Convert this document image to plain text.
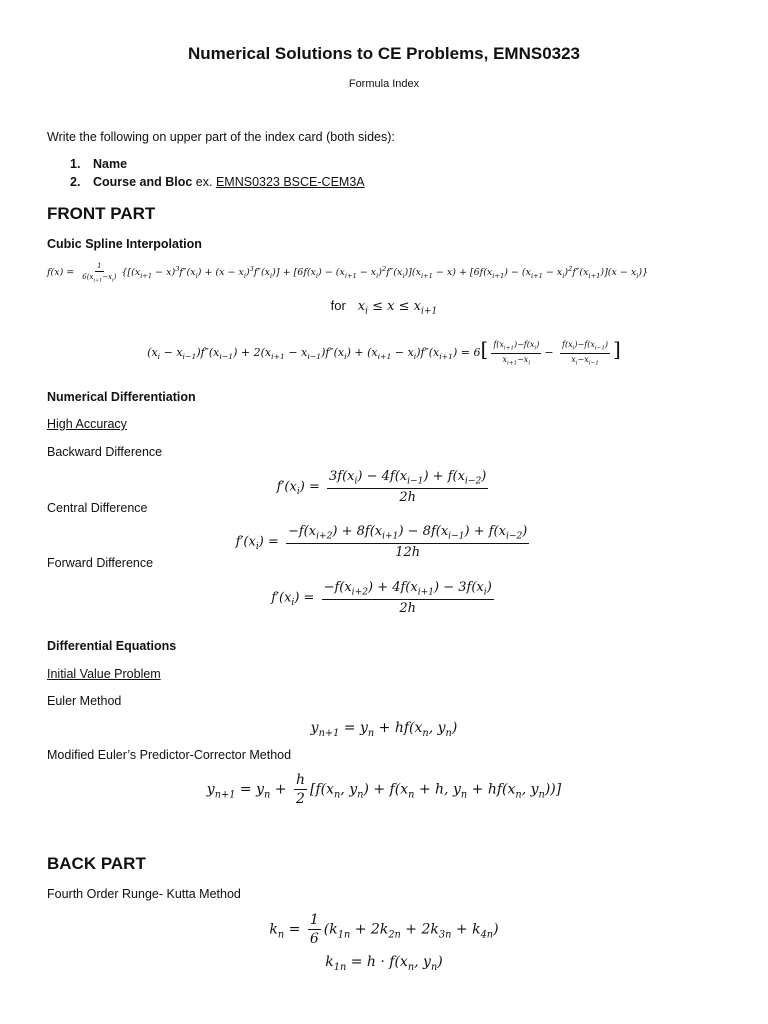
Numerical Solutions to CE Problems, EMNS0323
Formula Index
Write the following on upper part of the index card (both sides):
1. Name
2. Course and Bloc ex. EMNS0323 BSCE-CEM3A
FRONT PART
Cubic Spline Interpolation
$f(x) = \frac{1}{6(x_{i+1}-x_i)} \{[(x_{i+1} - x)^3f''(x_i) + (x - x_i)^3f''(x_i)] + [6f(x_i) - (x_{i+1} - x_i)^2f''(x_i)](x_{i+1} - x) + [6f(x_{i+1}) - (x_{i+1} - x_i)^2f''(x_{i+1})](x - x_i)\}$
for   $x_i \le x \le x_{i+1}$
$(x_i - x_{i-1})f''(x_{i-1}) + 2(x_{i+1} - x_{i-1})f''(x_i) + (x_{i+1} - x_i)f''(x_{i+1}) = 6[ \frac{f(x_{i+1})-f(x_i)}{x_{i+1}-x_i} - \frac{f(x_i)-f(x_{i-1})}{x_i-x_{i-1}}$ ]
Numerical Differentiation
High Accuracy
Backward Difference
$f'(x_i) = \frac{3f(x_i) - 4f(x_{i-1}) + f(x_{i-2})}{2h}$
Central Difference
$f'(x_i) = \frac{-f(x_{i+2}) + 8f(x_{i+1}) - 8f(x_{i-1}) + f(x_{i-2})}{12h}$
Forward Difference
$f'(x_i) = \frac{-f(x_{i+2}) + 4f(x_{i+1}) - 3f(x_i)}{2h}$
Differential Equations
Initial Value Problem
Euler Method
$y_{n+1} = y_n + hf(x_n$, $y_n$)
Modified Euler’s Predictor-Corrector Method
$y_{n+1} = y_n + \frac{h}{2} [f(x_n$, $y_n) + f(x_n + h$, $y_n + hf(x_n$, $y_n$))]
BACK PART
Fourth Order Runge- Kutta Method
$k_n = \frac{1}{6} (k_{1n} + 2k_{2n} + 2k_{3n} + k_{4n})$
$k_{1n} = h \cdot f(x_n$, $y_n$)
